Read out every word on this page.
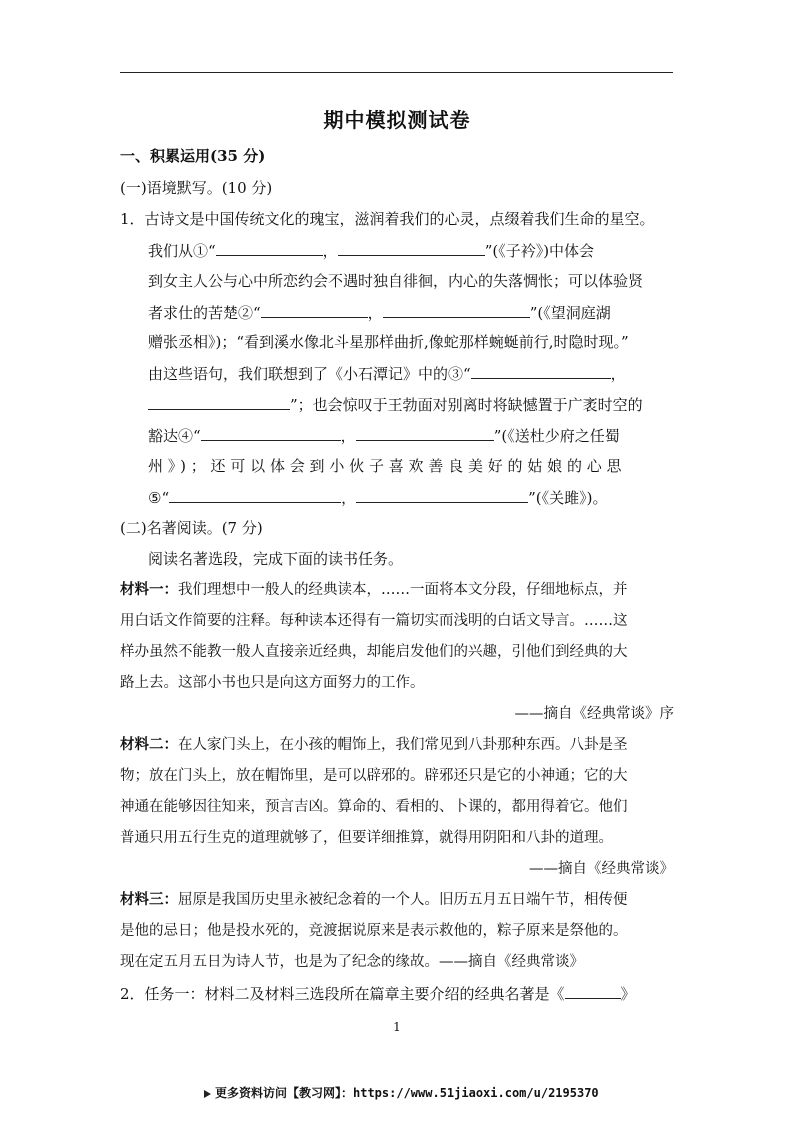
期中模拟测试卷
一、积累运用(35 分)
(一)语境默写。(10 分)
1．古诗文是中国传统文化的瑰宝，滋润着我们的心灵，点缀着我们生命的星空。
我们从①“	，	”(《子衿》)中体会
到女主人公与心中所恋约会不遇时独自徘徊，内心的失落惆怅；可以体验贤
者求仕的苦楚②“	，	”(《望洞庭湖
赠张丞相》)；“看到溪水像北斗星那样曲折,像蛇那样蜿蜒前行,时隐时现。”
由这些语句，我们联想到了《小石潭记》中的③“	，
”；也会惊叹于王勃面对别离时将缺憾置于广袤时空的
豁达④“	，	”(《送杜少府之任蜀
州》)；还可以体会到小伙子喜欢善良美好的姑娘的心思
⑤“	，	”(《关雎》)。
(二)名著阅读。(7 分)
阅读名著选段，完成下面的读书任务。
材料一：我们理想中一般人的经典读本，……一面将本文分段，仔细地标点，并
用白话文作简要的注释。每种读本还得有一篇切实而浅明的白话文导言。……这
样办虽然不能教一般人直接亲近经典，却能启发他们的兴趣，引他们到经典的大
路上去。这部小书也只是向这方面努力的工作。
——摘自《经典常谈》序
材料二：在人家门头上，在小孩的帽饰上，我们常见到八卦那种东西。八卦是圣
物；放在门头上，放在帽饰里，是可以辟邪的。辟邪还只是它的小神通；它的大
神通在能够因往知来，预言吉凶。算命的、看相的、卜课的，都用得着它。他们
普通只用五行生克的道理就够了，但要详细推算，就得用阴阳和八卦的道理。
——摘自《经典常谈》
材料三：屈原是我国历史里永被纪念着的一个人。旧历五月五日端午节，相传便
是他的忌日；他是投水死的，竞渡据说原来是表示救他的，粽子原来是祭他的。
现在定五月五日为诗人节，也是为了纪念的缘故。——摘自《经典常谈》
2．任务一：材料二及材料三选段所在篇章主要介绍的经典名著是《	》
1
更多资料访问【教习网】：https://www.51jiaoxi.com/u/2195370
